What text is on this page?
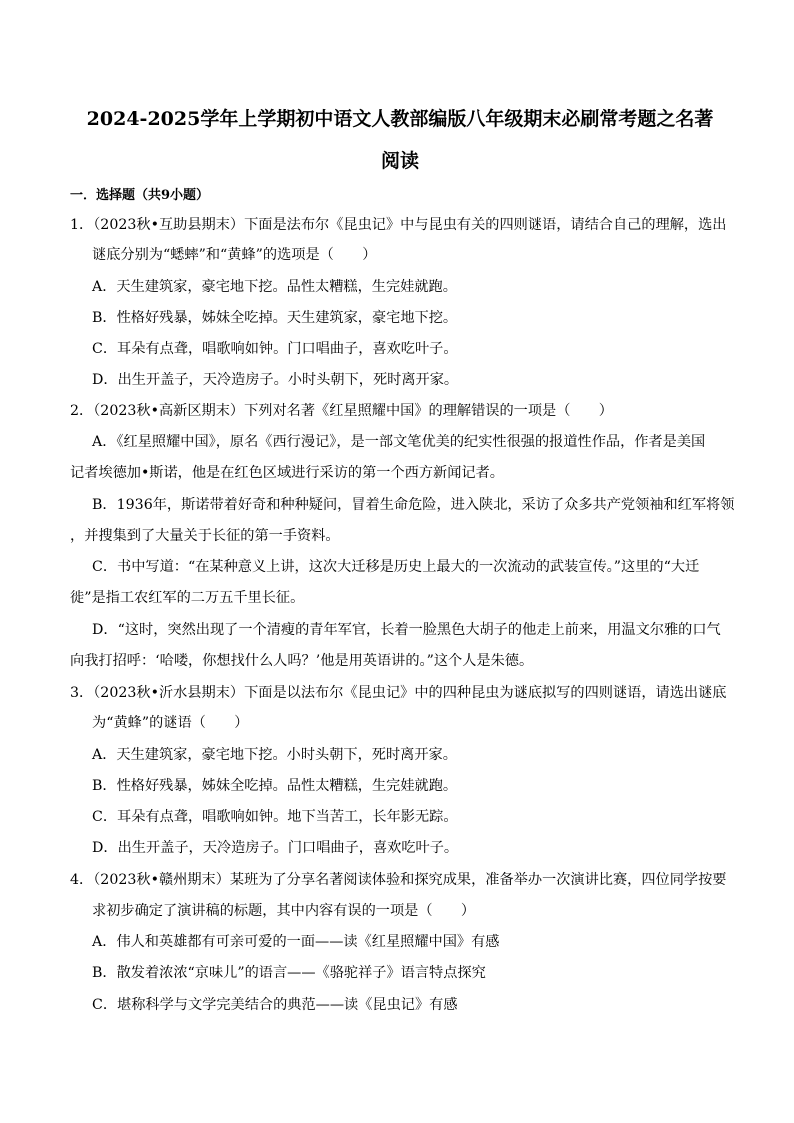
2024-2025学年上学期初中语文人教部编版八年级期末必刷常考题之名著
阅读
一．选择题（共9小题）
1．（2023秋•互助县期末）下面是法布尔《昆虫记》中与昆虫有关的四则谜语，请结合自己的理解，选出
谜底分别为“蟋蟀”和“黄蜂”的选项是（　　）
A．天生建筑家，豪宅地下挖。品性太糟糕，生完娃就跑。
B．性格好残暴，姊妹全吃掉。天生建筑家，豪宅地下挖。
C．耳朵有点聋，唱歌响如钟。门口唱曲子，喜欢吃叶子。
D．出生开盖子，天冷造房子。小时头朝下，死时离开家。
2．（2023秋•高新区期末）下列对名著《红星照耀中国》的理解错误的一项是（　　）
A．《红星照耀中国》，原名《西行漫记》，是一部文笔优美的纪实性很强的报道性作品，作者是美国
记者埃德加•斯诺，他是在红色区域进行采访的第一个西方新闻记者。
B．1936年，斯诺带着好奇和种种疑问，冒着生命危险，进入陕北，采访了众多共产党领袖和红军将领
，并搜集到了大量关于长征的第一手资料。
C．书中写道：“在某种意义上讲，这次大迁移是历史上最大的一次流动的武装宣传。”这里的“大迁
徙”是指工农红军的二万五千里长征。
D．“这时，突然出现了一个清瘦的青年军官，长着一脸黑色大胡子的他走上前来，用温文尔雅的口气
向我打招呼：‘哈喽，你想找什么人吗？’他是用英语讲的。”这个人是朱德。
3．（2023秋•沂水县期末）下面是以法布尔《昆虫记》中的四种昆虫为谜底拟写的四则谜语，请选出谜底
为“黄蜂”的谜语（　　）
A．天生建筑家，豪宅地下挖。小时头朝下，死时离开家。
B．性格好残暴，姊妹全吃掉。品性太糟糕，生完娃就跑。
C．耳朵有点聋，唱歌响如钟。地下当苦工，长年影无踪。
D．出生开盖子，天冷造房子。门口唱曲子，喜欢吃叶子。
4．（2023秋•赣州期末）某班为了分享名著阅读体验和探究成果，准备举办一次演讲比赛，四位同学按要
求初步确定了演讲稿的标题，其中内容有误的一项是（　　）
A．伟人和英雄都有可亲可爱的一面——读《红星照耀中国》有感
B．散发着浓浓“京味儿”的语言——《骆驼祥子》语言特点探究
C．堪称科学与文学完美结合的典范——读《昆虫记》有感
